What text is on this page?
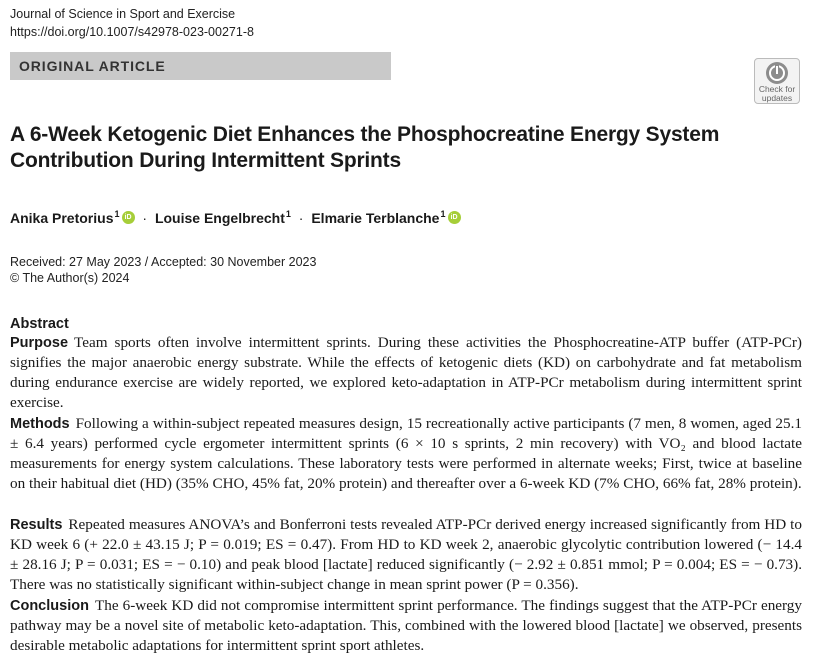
Journal of Science in Sport and Exercise
https://doi.org/10.1007/s42978-023-00271-8
ORIGINAL ARTICLE
Check for updates
A 6-Week Ketogenic Diet Enhances the Phosphocreatine Energy System Contribution During Intermittent Sprints
Anika Pretorius$^1$iD · Louise Engelbrecht$^1$ · Elmarie Terblanche$^1$iD
Received: 27 May 2023 / Accepted: 30 November 2023
© The Author(s) 2024
Abstract
Purpose Team sports often involve intermittent sprints. During these activities the Phosphocreatine-ATP buffer (ATP-PCr) signifies the major anaerobic energy substrate. While the effects of ketogenic diets (KD) on carbohydrate and fat metabolism during endurance exercise are widely reported, we explored keto-adaptation in ATP-PCr metabolism during intermittent sprint exercise.
Methods Following a within-subject repeated measures design, 15 recreationally active participants (7 men, 8 women, aged 25.1 ± 6.4 years) performed cycle ergometer intermittent sprints (6 × 10 s sprints, 2 min recovery) with VO₂ and blood lactate measurements for energy system calculations. These laboratory tests were performed in alternate weeks; First, twice at baseline on their habitual diet (HD) (35% CHO, 45% fat, 20% protein) and thereafter over a 6-week KD (7% CHO, 66% fat, 28% protein).
Results Repeated measures ANOVA’s and Bonferroni tests revealed ATP-PCr derived energy increased significantly from HD to KD week 6 (+ 22.0 ± 43.15 J; P = 0.019; ES = 0.47). From HD to KD week 2, anaerobic glycolytic contribution lowered (− 14.4 ± 28.16 J; P = 0.031; ES = − 0.10) and peak blood [lactate] reduced significantly (− 2.92 ± 0.851 mmol; P = 0.004; ES = − 0.73). There was no statistically significant within-subject change in mean sprint power (P = 0.356).
Conclusion The 6-week KD did not compromise intermittent sprint performance. The findings suggest that the ATP-PCr energy pathway may be a novel site of metabolic keto-adaptation. This, combined with the lowered blood [lactate] we observed, presents desirable metabolic adaptations for intermittent sprint sport athletes.
